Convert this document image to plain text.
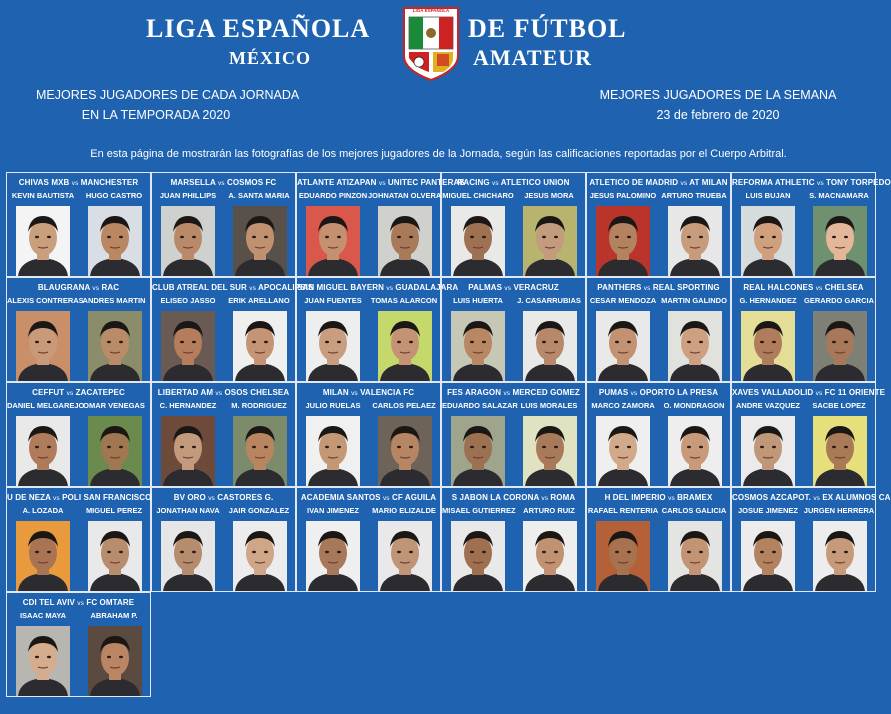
LIGA ESPAÑOLA	DE FÚTBOL
MÉXICO	AMATEUR
LIGA ESPAÑOLA
MEJORES JUGADORES DE CADA JORNADA
EN LA TEMPORADA 2020
MEJORES JUGADORES DE LA SEMANA
23 de febrero de 2020
En esta página de mostrarán las fotografías de los mejores jugadores de la Jornada, según las calificaciones reportadas por el Cuerpo Arbitral.
CHIVAS MXB vs MANCHESTER
KEVIN BAUTISTA	HUGO CASTRO
MARSELLA vs COSMOS FC
JUAN PHILLIPS	A. SANTA MARIA
ATLANTE ATIZAPAN vs UNITEC PANTERAS
EDUARDO PINZON JOHNATAN OLVERA
RACING vs ATLETICO UNION
MIGUEL CHICHARO	JESUS MORA
ATLETICO DE MADRID vs AT MILAN
JESUS PALOMINO ARTURO TRUEBA
REFORMA ATHLETIC vs TONY TORPEDO
LUIS BUJAN	S. MACNAMARA
BLAUGRANA vs RAC
ALEXIS CONTRERAS
ANDRES MARTIN
CLUB ATREAL DEL SUR vs APOCALIPSIS
ELISEO JASSO	ERIK ARELLANO
SAN MIGUEL BAYERN vs GUADALAJARA
JUAN FUENTES	TOMAS ALARCON
PALMAS vs VERACRUZ
LUIS HUERTA	J. CASARRUBIAS
PANTHERS vs REAL SPORTING
CESAR MENDOZA MARTIN GALINDO
REAL HALCONES vs CHELSEA
G. HERNANDEZ GERARDO GARCIA
CEFFUT vs ZACATEPEC
DANIEL MELGAREJO
OMAR VENEGAS
LIBERTAD AM vs OSOS CHELSEA
C. HERNANDEZ	M. RODRIGUEZ
MILAN vs VALENCIA FC
JULIO RUELAS	CARLOS PELAEZ
FES ARAGON vs MERCED GOMEZ
EDUARDO SALAZAR LUIS MORALES
PUMAS vs OPORTO LA PRESA
MARCO ZAMORA	O. MONDRAGON
XAVES VALLADOLID vs FC 11 ORIENTE
ANDRE VAZQUEZ	SACBE LOPEZ
U DE NEZA vs POLI SAN FRANCISCO
A. LOZADA	MIGUEL PEREZ
BV ORO vs CASTORES G.
JONATHAN NAVA	JAIR GONZALEZ
ACADEMIA SANTOS vs CF AGUILA
IVAN JIMENEZ	MARIO ELIZALDE
S JABON LA CORONA vs ROMA
MISAEL GUTIERREZ	ARTURO RUIZ
H DEL IMPERIO vs BRAMEX
RAFAEL RENTERIA CARLOS GALICIA
COSMOS AZCAPOT. vs EX ALUMNOS CA
JOSUE JIMENEZ JURGEN HERRERA
CDI TEL AVIV vs FC OMTARE
ISAAC MAYA	ABRAHAM P.
